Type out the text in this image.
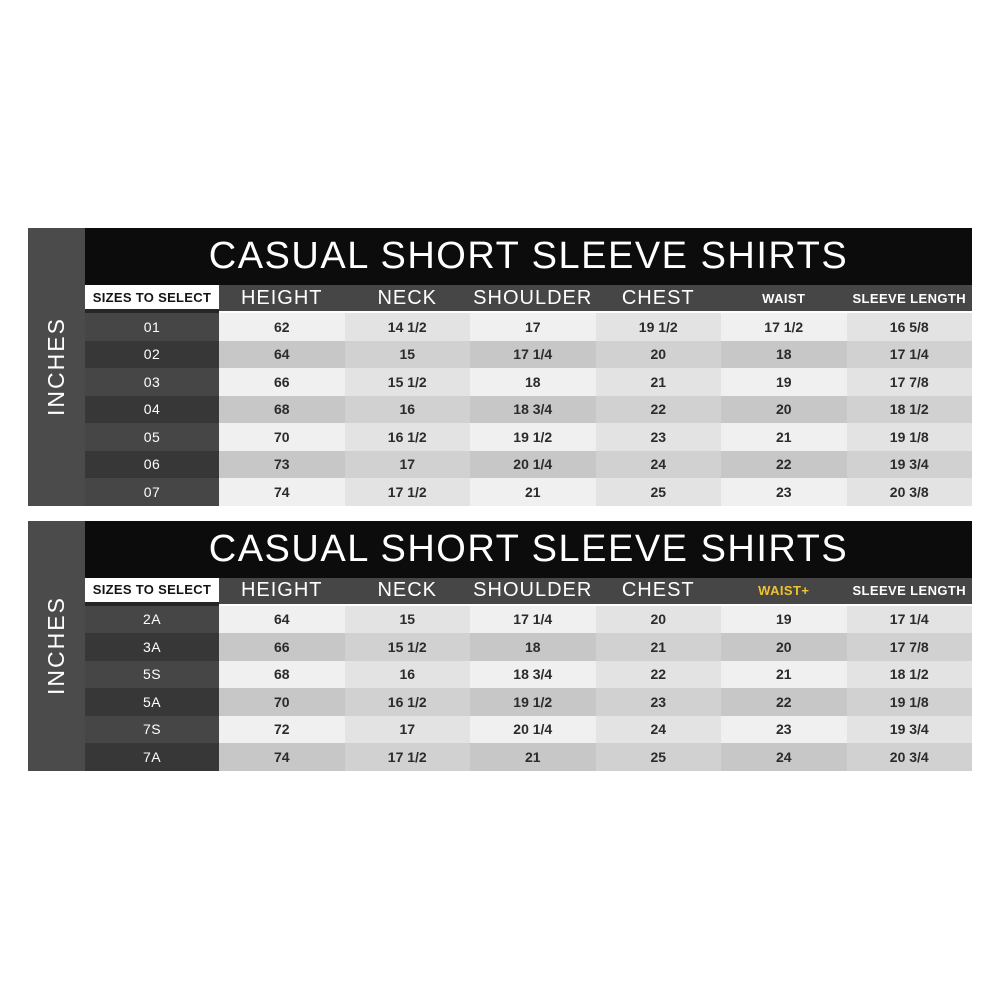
INCHES
CASUAL SHORT SLEEVE SHIRTS
SIZES TO SELECT	HEIGHT	NECK	SHOULDER	CHEST	WAIST	SLEEVE LENGTH
01	62	14 1/2	17	19 1/2	17 1/2	16 5/8
02	64	15	17 1/4	20	18	17 1/4
03	66	15 1/2	18	21	19	17 7/8
04	68	16	18 3/4	22	20	18 1/2
05	70	16 1/2	19 1/2	23	21	19 1/8
06	73	17	20 1/4	24	22	19 3/4
07	74	17 1/2	21	25	23	20 3/8
INCHES
CASUAL SHORT SLEEVE SHIRTS
SIZES TO SELECT	HEIGHT	NECK	SHOULDER	CHEST	WAIST+	SLEEVE LENGTH
2A	64	15	17 1/4	20	19	17 1/4
3A	66	15 1/2	18	21	20	17 7/8
5S	68	16	18 3/4	22	21	18 1/2
5A	70	16 1/2	19 1/2	23	22	19 1/8
7S	72	17	20 1/4	24	23	19 3/4
7A	74	17 1/2	21	25	24	20 3/4
